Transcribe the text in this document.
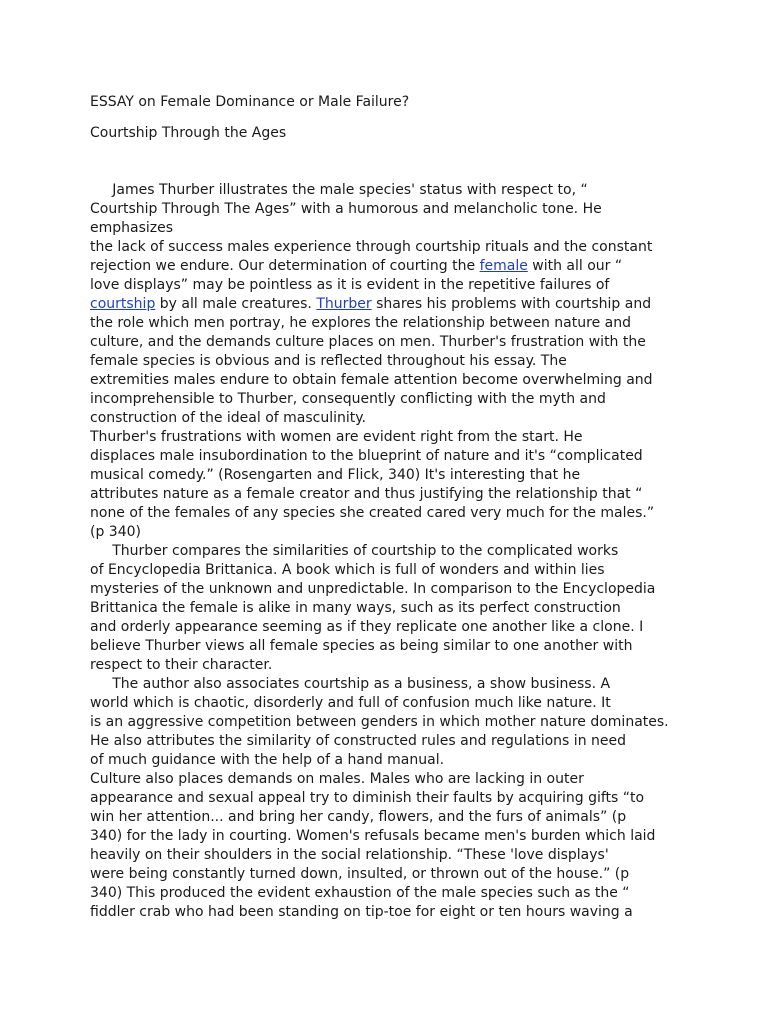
ESSAY on Female Dominance or Male Failure?
Courtship Through the Ages
James Thurber illustrates the male species' status with respect to, “
Courtship Through The Ages” with a humorous and melancholic tone. He
emphasizes
the lack of success males experience through courtship rituals and the constant
rejection we endure. Our determination of courting the female with all our “
love displays” may be pointless as it is evident in the repetitive failures of
courtship by all male creatures. Thurber shares his problems with courtship and
the role which men portray, he explores the relationship between nature and
culture, and the demands culture places on men. Thurber's frustration with the
female species is obvious and is reflected throughout his essay. The
extremities males endure to obtain female attention become overwhelming and
incomprehensible to Thurber, consequently conflicting with the myth and
construction of the ideal of masculinity.
Thurber's frustrations with women are evident right from the start. He
displaces male insubordination to the blueprint of nature and it's “complicated
musical comedy.” (Rosengarten and Flick, 340) It's interesting that he
attributes nature as a female creator and thus justifying the relationship that “
none of the females of any species she created cared very much for the males.”
(p 340)
Thurber compares the similarities of courtship to the complicated works
of Encyclopedia Brittanica. A book which is full of wonders and within lies
mysteries of the unknown and unpredictable. In comparison to the Encyclopedia
Brittanica the female is alike in many ways, such as its perfect construction
and orderly appearance seeming as if they replicate one another like a clone. I
believe Thurber views all female species as being similar to one another with
respect to their character.
The author also associates courtship as a business, a show business. A
world which is chaotic, disorderly and full of confusion much like nature. It
is an aggressive competition between genders in which mother nature dominates.
He also attributes the similarity of constructed rules and regulations in need
of much guidance with the help of a hand manual.
Culture also places demands on males. Males who are lacking in outer
appearance and sexual appeal try to diminish their faults by acquiring gifts “to
win her attention... and bring her candy, flowers, and the furs of animals” (p
340) for the lady in courting. Women's refusals became men's burden which laid
heavily on their shoulders in the social relationship. “These 'love displays'
were being constantly turned down, insulted, or thrown out of the house.” (p
340) This produced the evident exhaustion of the male species such as the “
fiddler crab who had been standing on tip-toe for eight or ten hours waving a
